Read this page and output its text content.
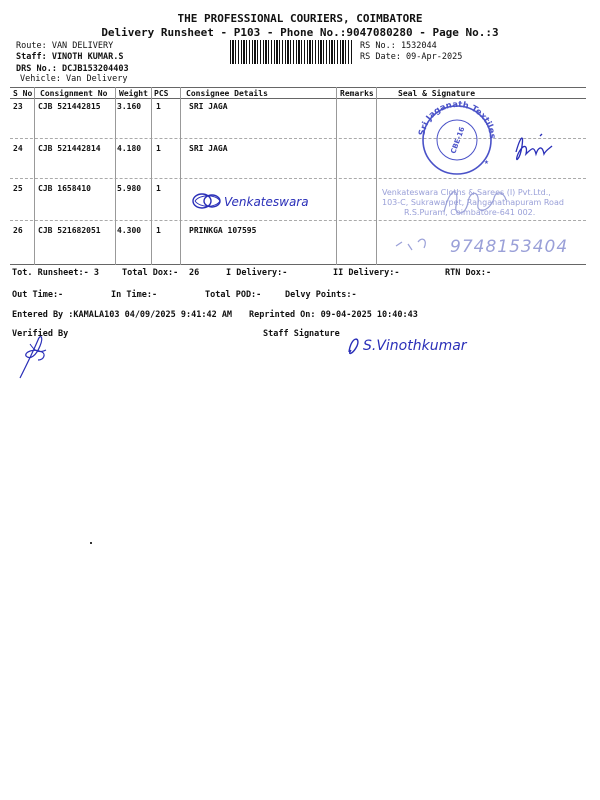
THE PROFESSIONAL COURIERS, COIMBATORE
Delivery Runsheet - P103 - Phone No.:9047080280 - Page No.:3
Route: VAN DELIVERY
Staff: VINOTH KUMAR.S
DRS No.: DCJB153204403
Vehicle: Van Delivery
RS No.: 1532044
RS Date: 09-Apr-2025
S No Consignment No Weight PCS Consignee Details	Remarks	Seal & Signature
23 CJB 521442815 3.160 1	SRI JAGA
24 CJB 521442814 4.180 1	SRI JAGA
25 CJB 1658410	5.980 1
26 CJB 521682051 4.300 1	PRINKGA 107595
Sri Jaganath Textiles
CBE-16
★
Venkateswara
Venkateswara Cloths & Sarees (I) Pvt.Ltd.,
103-C, Sukrawarpet, Ranganathapuram Road
R.S.Puram, Coimbatore-641 002.
9748153404
Tot. Runsheet:- 3	Total Dox:- 26	I Delivery:-	II Delivery:-	RTN Dox:-
Out Time:-	In Time:-	Total POD:-	Delvy Points:-
Entered By :KAMALA103 04/09/2025 9:41:42 AM Reprinted On: 09-04-2025 10:40:43
Verified By	Staff Signature
S.Vinothkumar
